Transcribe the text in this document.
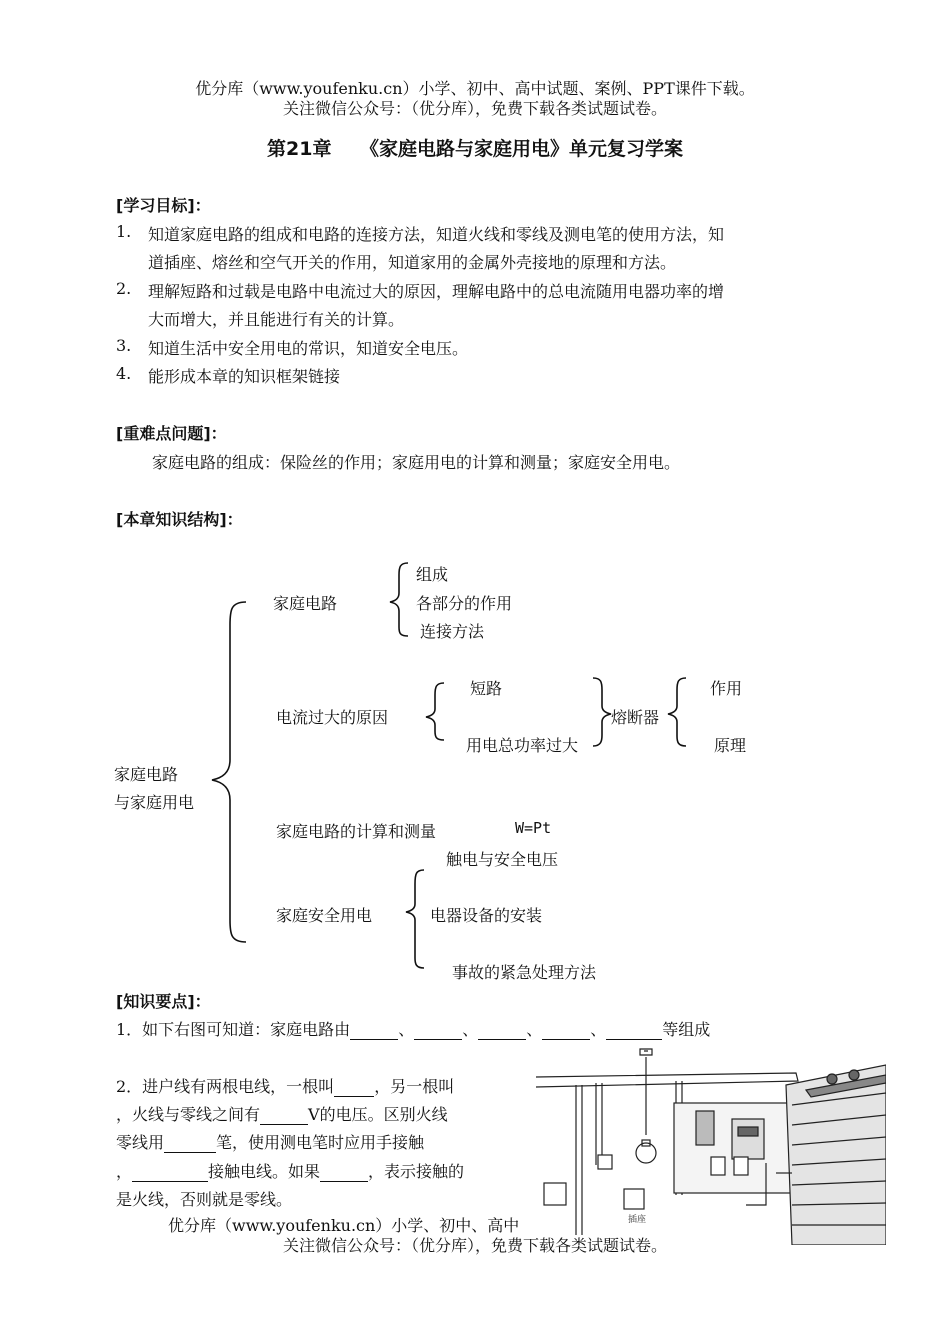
优分库（www.youfenku.cn）小学、初中、高中试题、案例、PPT课件下载。
关注微信公众号：（优分库），免费下载各类试题试卷。
第21章　　《家庭电路与家庭用电》单元复习学案
[学习目标]：
1. 知道家庭电路的组成和电路的连接方法，知道火线和零线及测电笔的使用方法，知
道插座、熔丝和空气开关的作用，知道家用的金属外壳接地的原理和方法。
2. 理解短路和过载是电路中电流过大的原因，理解电路中的总电流随用电器功率的增
大而增大，并且能进行有关的计算。
3. 知道生活中安全用电的常识，知道安全电压。
4. 能形成本章的知识框架链接
[重难点问题]：
家庭电路的组成：保险丝的作用；家庭用电的计算和测量；家庭安全用电。
[本章知识结构]：
家庭电路
与家庭用电
家庭电路
组成
各部分的作用
连接方法
电流过大的原因
短路
用电总功率过大
熔断器
作用
原理
家庭电路的计算和测量	W=Pt
触电与安全电压
家庭安全用电	电器设备的安装
事故的紧急处理方法
[知识要点]：
1．如下右图可知道：家庭电路由	、	、	、	、	等组成
2．进户线有两根电线，一根叫	，另一根叫
，火线与零线之间有	V的电压。区别火线
零线用	笔，使用测电笔时应用手接触
，	接触电线。如果	，表示接触的
是火线，否则就是零线。
插座
优分库（www.youfenku.cn）小学、初中、高中
关注微信公众号：（优分库），免费下载各类试题试卷。
